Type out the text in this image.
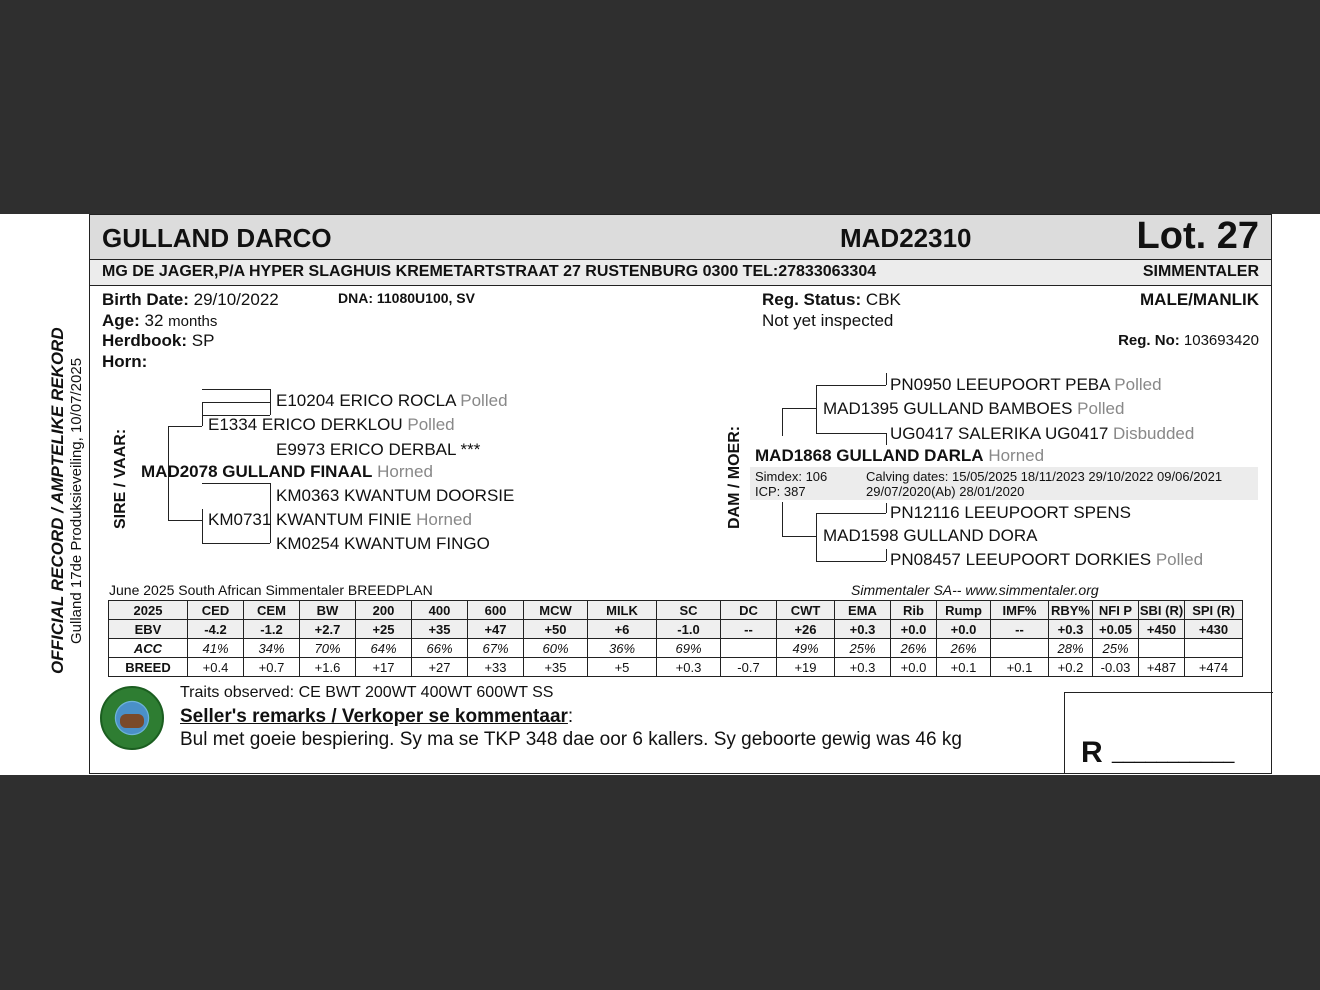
OFFICIAL RECORD / AMPTELIKE REKORD Gulland 17de Produksieveiling, 10/07/2025
GULLAND DARCO	MAD22310	Lot. 27
MG DE JAGER,P/A HYPER SLAGHUIS KREMETARTSTRAAT 27 RUSTENBURG 0300 TEL:27833063304	SIMMENTALER
Birth Date: 29/10/2022	DNA: 11080U100, SV
Age: 32 months
Herdbook: SP
Horn:
Reg. Status: CBK
Not yet inspected
MALE/MANLIK
Reg. No: 103693420
SIRE / VAAR:
E10204 ERICO ROCLA Polled
E1334 ERICO DERKLOU Polled
E9973 ERICO DERBAL ***
MAD2078 GULLAND FINAAL Horned
KM0363 KWANTUM DOORSIE
KM0731 KWANTUM FINIE Horned
KM0254 KWANTUM FINGO
DAM / MOER:
PN0950 LEEUPOORT PEBA Polled
MAD1395 GULLAND BAMBOES Polled
UG0417 SALERIKA UG0417 Disbudded
MAD1868 GULLAND DARLA Horned
Simdex: 106
ICP: 387
Calving dates: 15/05/2025 18/11/2023 29/10/2022 09/06/2021
29/07/2020(Ab) 28/01/2020
PN12116 LEEUPOORT SPENS
MAD1598 GULLAND DORA
PN08457 LEEUPOORT DORKIES Polled
June 2025 South African Simmentaler BREEDPLAN	Simmentaler SA-- www.simmentaler.org
2025	CED	CEM	BW	200	400	600	MCW	MILK	SC	DC	CWT	EMA	Rib	Rump	IMF%	RBY%	NFI P	SBI (R)	SPI (R)
EBV	-4.2	-1.2	+2.7	+25	+35	+47	+50	+6	-1.0	--	+26	+0.3	+0.0	+0.0	--	+0.3	+0.05	+450	+430
ACC	41%	34%	70%	64%	66%	67%	60%	36%	69%		49%	25%	26%	26%		28%	25%		
BREED	+0.4	+0.7	+1.6	+17	+27	+33	+35	+5	+0.3	-0.7	+19	+0.3	+0.0	+0.1	+0.1	+0.2	-0.03	+487	+474
Traits observed: CE BWT 200WT 400WT 600WT SS
Seller's remarks / Verkoper se kommentaar:
Bul met goeie bespiering. Sy ma se TKP 348 dae oor 6 kallers. Sy geboorte gewig was 46 kg	R ___________
